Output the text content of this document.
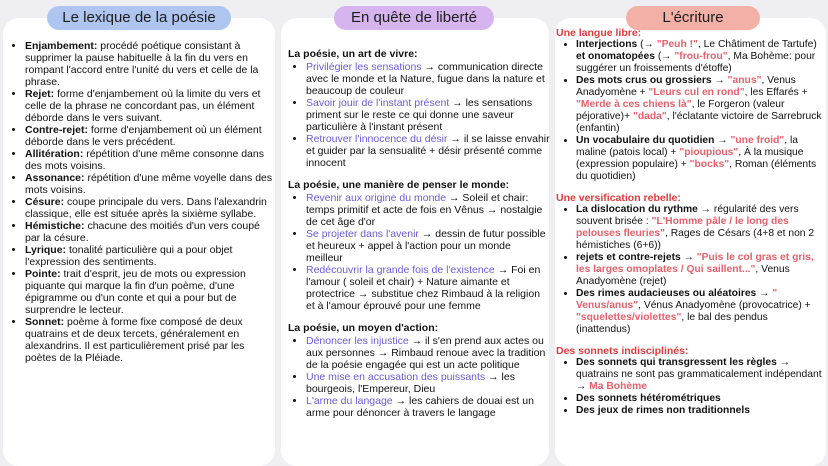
Le lexique de la poésie	En quête de liberté	L'écriture
• Enjambement: procédé poétique consistant à supprimer la pause habituelle à la fin du vers en rompant l'accord entre l'unité du vers et celle de la phrase.
• Rejet: forme d'enjambement où la limite du vers et celle de la phrase ne concordant pas, un élément déborde dans le vers suivant.
• Contre-rejet: forme d'enjambement où un élément déborde dans le vers précédent.
• Allitération: répétition d'une même consonne dans des mots voisins.
• Assonance: répétition d'une même voyelle dans des mots voisins.
• Césure: coupe principale du vers. Dans l'alexandrin classique, elle est située après la sixième syllabe.
• Hémistiche: chacune des moitiés d'un vers coupé par la césure.
• Lyrique: tonalité particulière qui a pour objet l'expression des sentiments.
• Pointe: trait d'esprit, jeu de mots ou expression piquante qui marque la fin d'un poème, d'une épigramme ou d'un conte et qui a pour but de surprendre le lecteur.
• Sonnet: poème à forme fixe composé de deux quatrains et de deux tercets, généralement en alexandrins. Il est particulièrement prisé par les poètes de la Pléiade.
La poésie, un art de vivre:
• Privilégier les sensations → communication directe avec le monde et la Nature, fugue dans la nature et beaucoup de couleur
• Savoir jouir de l'instant présent → les sensations priment sur le reste ce qui donne une saveur particulière à l'instant présent
• Retrouver l'innocence du désir → il se laisse envahir et guider par la sensualité + désir présenté comme innocent
La poésie, une manière de penser le monde:
• Revenir aux origine du monde → Soleil et chair: temps primitif et acte de fois en Vênus → nostalgie de cet âge d'or
• Se projeter dans l'avenir → dessin de futur possible et heureux + appel à l'action pour un monde meilleur
• Redécouvrir la grande fois de l'existence → Foi en l'amour ( soleil et chair) + Nature aimante et protectrice → substitue chez Rimbaud à la religion et à l'amour éprouvé pour une femme
La poésie, un moyen d'action:
• Dénoncer les injustice → il s'en prend aux actes ou aux personnes → Rimbaud renoue avec la tradition de la poésie engagée qui est un acte politique
• Une mise en accusation des puissants → les bourgeois, l'Empereur, Dieu
• L'arme du langage → les cahiers de douai est un arme pour dénoncer à travers le langage
Une langue libre:
• Interjections (→ "Peuh !", Le Châtiment de Tartufe) et onomatopées (→ "frou-frou", Ma Bohème: pour suggérer un froissements d'étoffe)
• Des mots crus ou grossiers → "anus", Venus Anadyomène + "Leurs cul en rond", les Effarés + "Merde à ces chiens là", le Forgeron (valeur péjorative)+ "dada", l'éclatante victoire de Sarrebruck (enfantin)
• Un vocabulaire du quotidien → "une froid", la maline (patois local) + "pioupious", À la musique (expression populaire) + "bocks", Roman (éléments du quotidien)
Une versification rebelle:
• La dislocation du rythme → régularité des vers souvent brisée : "L'Homme pâle / le long des pelouses fleuries", Rages de Césars (4+8 et non 2 hémistiches (6+6))
• rejets et contre-rejets → "Puis le col gras et gris, les larges omoplates / Qui saillent...", Venus Anadyomène (rejet)
• Des rimes audacieuses ou aléatoires → " Venus/anus", Vénus Anadyomène (provocatrice) + "squelettes/violettes", le bal des pendus (inattendus)
Des sonnets indisciplinés:
• Des sonnets qui transgressent les règles → quatrains ne sont pas grammaticalement indépendant → Ma Bohème
• Des sonnets hétérométriques
• Des jeux de rimes non traditionnels
